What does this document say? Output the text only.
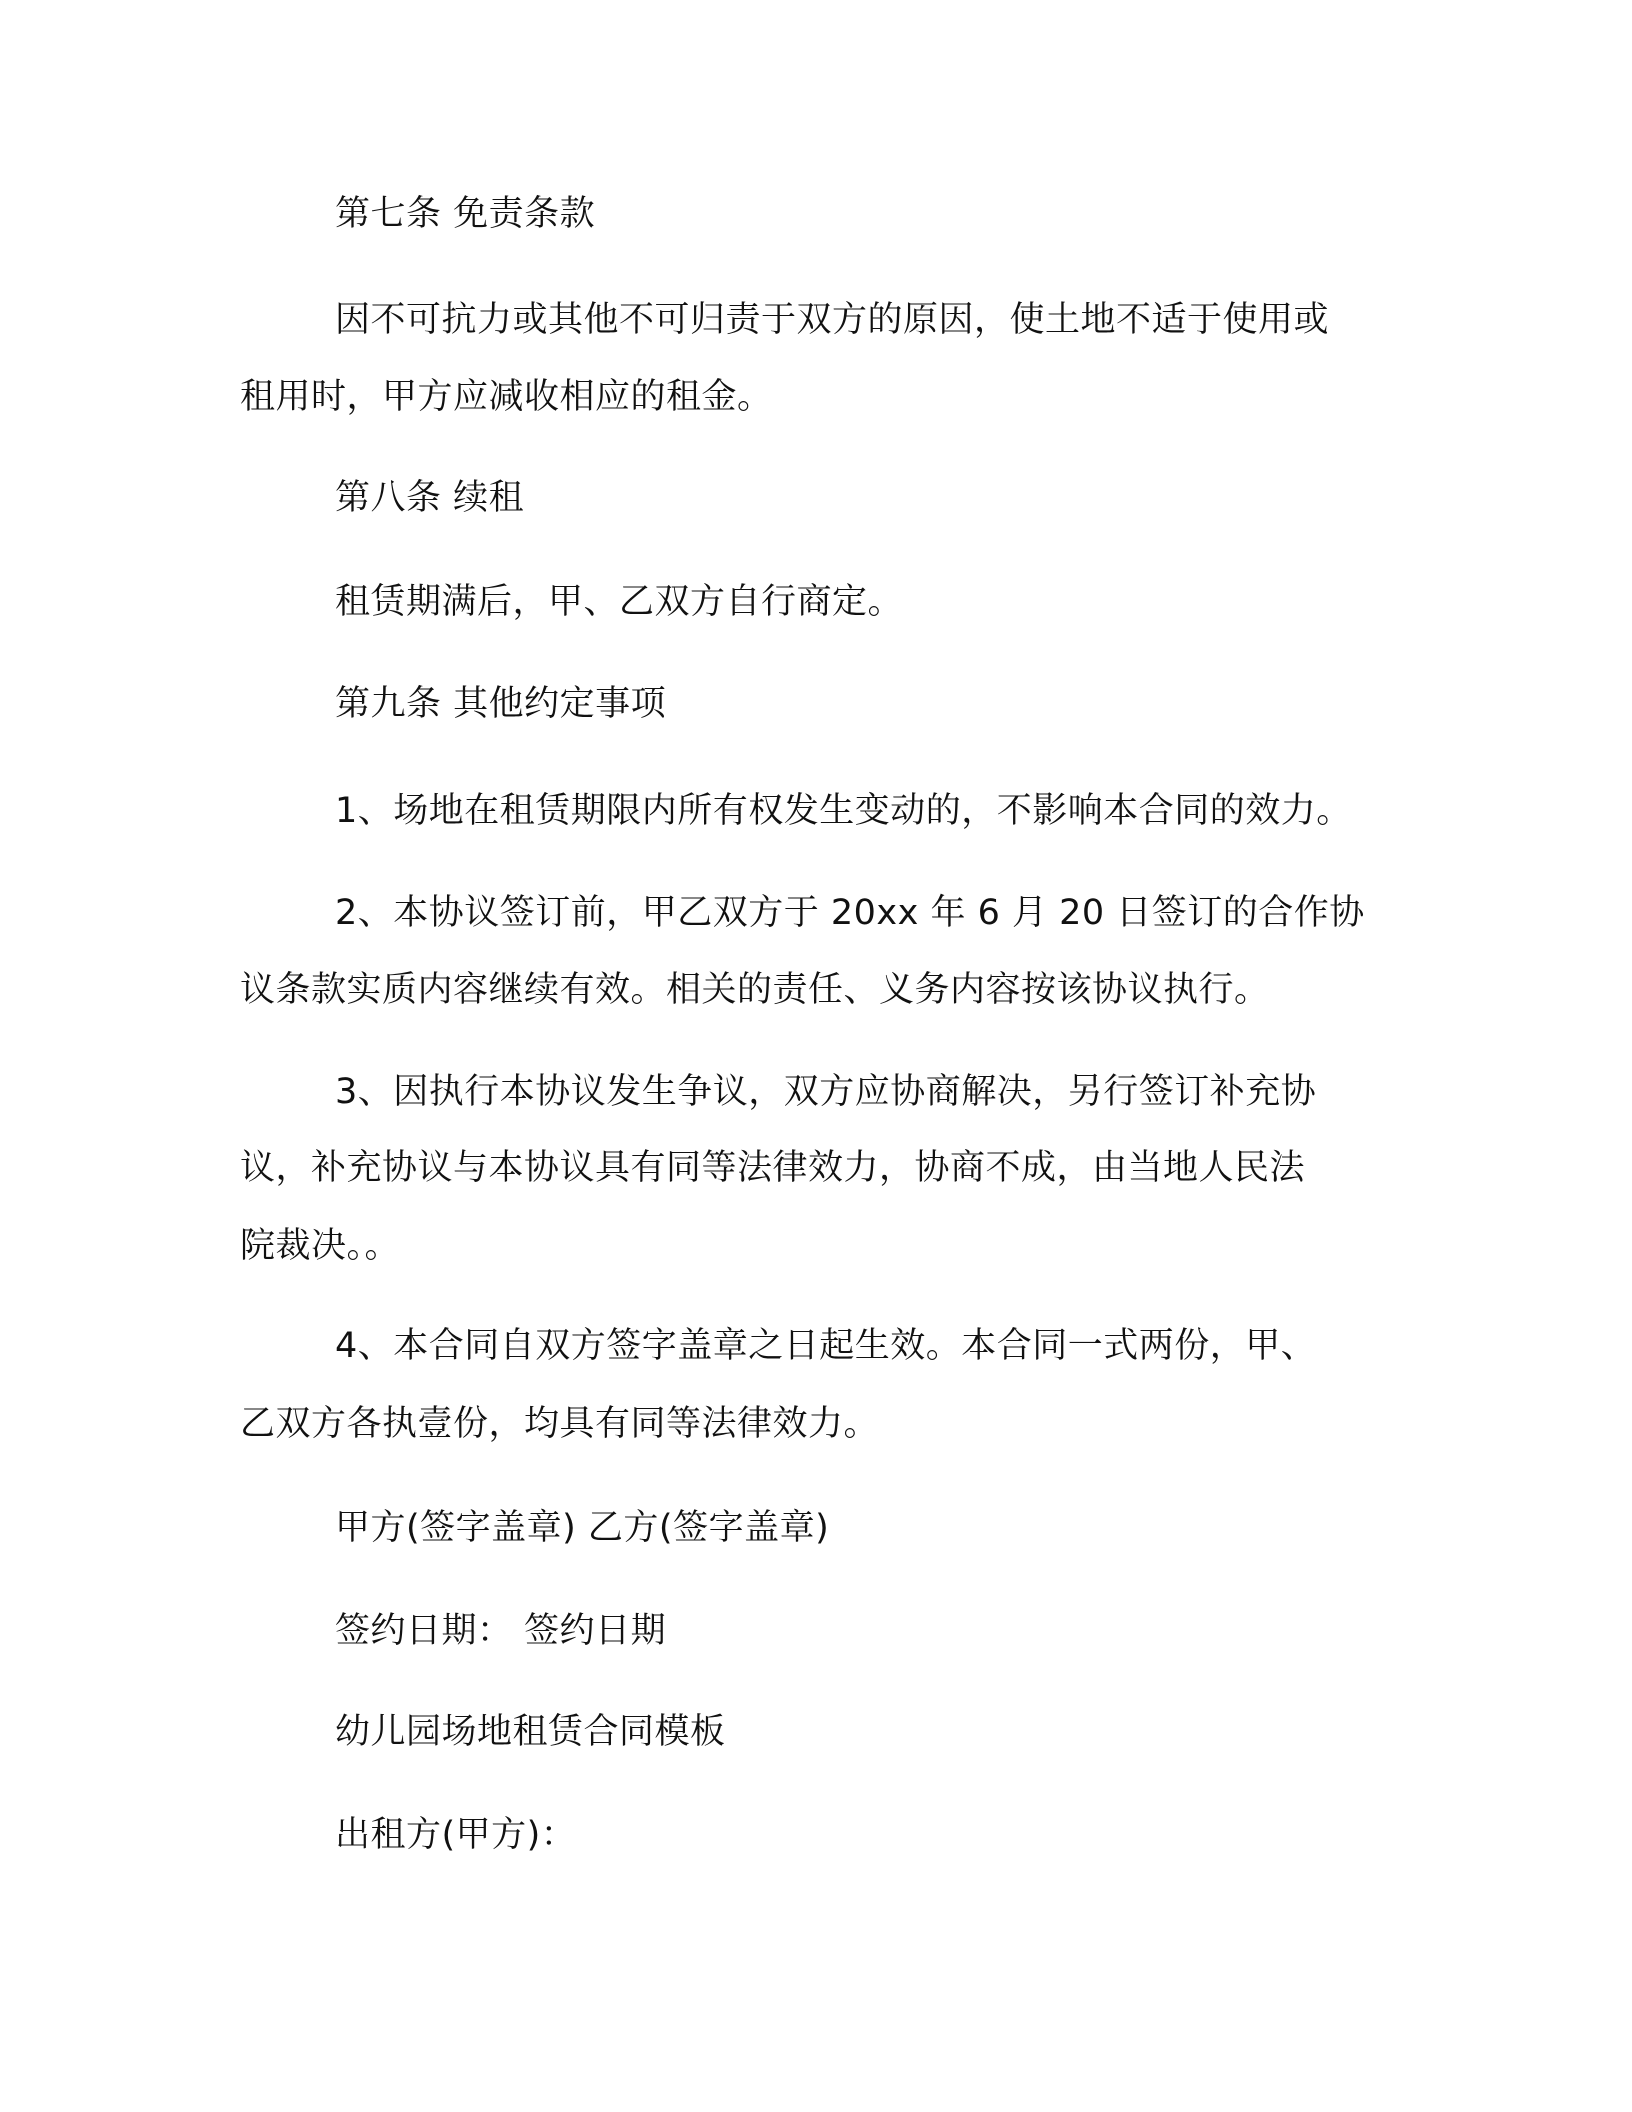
第七条 免责条款
因不可抗力或其他不可归责于双方的原因，使土地不适于使用或
租用时，甲方应减收相应的租金。
第八条 续租
租赁期满后，甲、乙双方自行商定。
第九条 其他约定事项
1、场地在租赁期限内所有权发生变动的，不影响本合同的效力。
2、本协议签订前，甲乙双方于 20xx 年 6 月 20 日签订的合作协
议条款实质内容继续有效。相关的责任、义务内容按该协议执行。
3、因执行本协议发生争议，双方应协商解决，另行签订补充协
议，补充协议与本协议具有同等法律效力，协商不成，由当地人民法
院裁决。。
4、本合同自双方签字盖章之日起生效。本合同一式两份，甲、
乙双方各执壹份，均具有同等法律效力。
甲方(签字盖章) 乙方(签字盖章)
签约日期： 签约日期
幼儿园场地租赁合同模板
出租方(甲方)：
